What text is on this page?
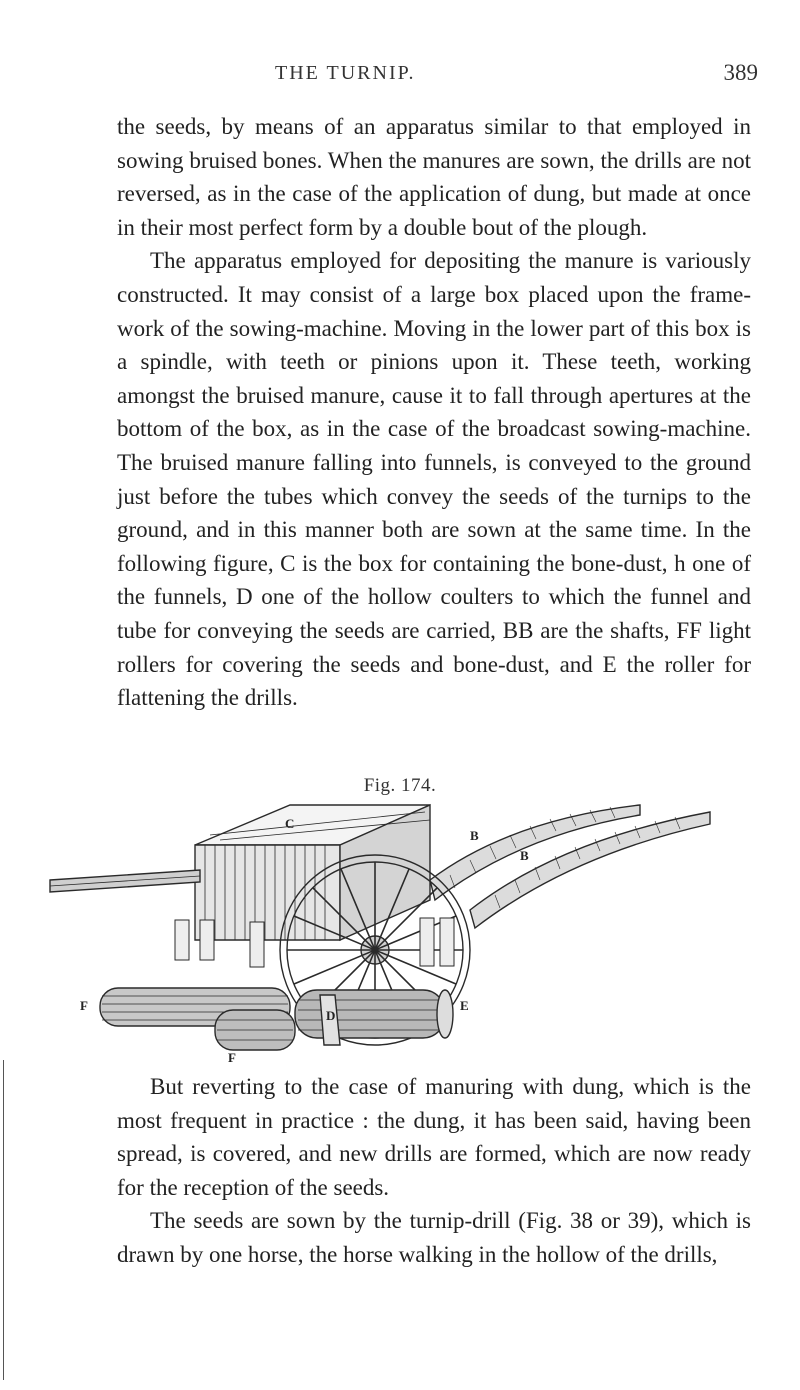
THE TURNIP.	389

the seeds, by means of an apparatus similar to that employed in sowing bruised bones. When the manures are sown, the drills are not reversed, as in the case of the application of dung, but made at once in their most perfect form by a double bout of the plough.

The apparatus employed for depositing the manure is variously constructed. It may consist of a large box placed upon the frame-work of the sowing-machine. Moving in the lower part of this box is a spindle, with teeth or pinions upon it. These teeth, working amongst the bruised manure, cause it to fall through apertures at the bottom of the box, as in the case of the broadcast sowing-machine. The bruised manure falling into funnels, is conveyed to the ground just before the tubes which convey the seeds of the turnips to the ground, and in this manner both are sown at the same time. In the following figure, C is the box for containing the bone-dust, h one of the funnels, D one of the hollow coulters to which the funnel and tube for conveying the seeds are carried, BB are the shafts, FF light rollers for covering the seeds and bone-dust, and E the roller for flattening the drills.

Fig. 174.
C
B
B
F
F
D
E

But reverting to the case of manuring with dung, which is the most frequent in practice : the dung, it has been said, having been spread, is covered, and new drills are formed, which are now ready for the reception of the seeds.

The seeds are sown by the turnip-drill (Fig. 38 or 39), which is drawn by one horse, the horse walking in the hollow of the drills,
